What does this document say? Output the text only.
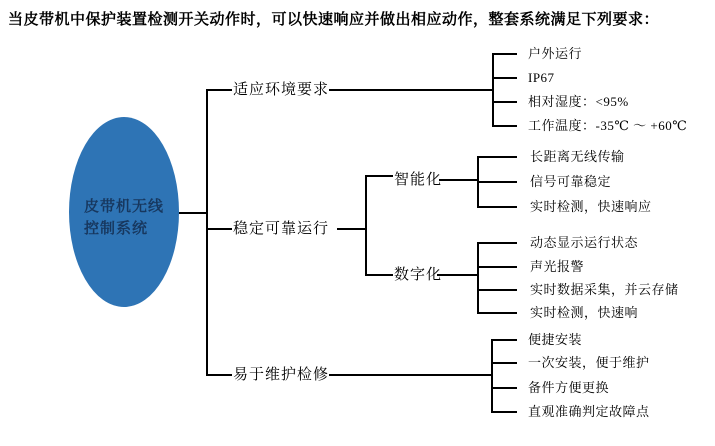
当皮带机中保护装置检测开关动作时，可以快速响应并做出相应动作，整套系统满足下列要求：
皮带机无线
控制系统
适应环境要求
稳定可靠运行
易于维护检修
智能化
数字化
户外运行
IP67
相对湿度：<95%
工作温度：-35℃ ～ +60℃
长距离无线传输
信号可靠稳定
实时检测，快速响应
动态显示运行状态
声光报警
实时数据采集，并云存储
实时检测，快速响
便捷安装
一次安装，便于维护
备件方便更换
直观准确判定故障点
